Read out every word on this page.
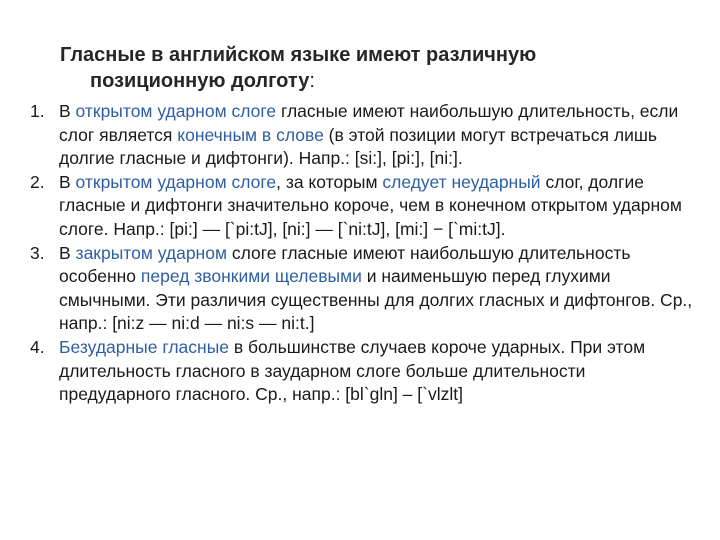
Гласные в английском языке имеют различную позиционную долготу:
1. В открытом ударном слоге гласные имеют наибольшую длительность, если слог является конечным в слове (в этой позиции могут встречаться лишь долгие гласные и дифтонги). Напр.: [si:], [pi:], [ni:].
2. В открытом ударном слоге, за которым следует неударный слог, долгие гласные и дифтонги значительно короче, чем в конечном открытом ударном слоге. Напр.: [pi:] — [`pi:tJ], [ni:] — [`ni:tJ], [mi:] − [`mi:tJ].
3. В закрытом ударном слоге гласные имеют наибольшую длительность особенно перед звонкими щелевыми и наименьшую перед глухими смычными. Эти различия существенны для долгих гласных и дифтонгов. Ср., напр.: [ni:z — ni:d — ni:s — ni:t.]
4. Безударные гласные в большинстве случаев короче ударных. При этом длительность гласного в заударном слоге больше длительности предударного гласного. Ср., напр.: [bl`gln] – [`vlzlt]
